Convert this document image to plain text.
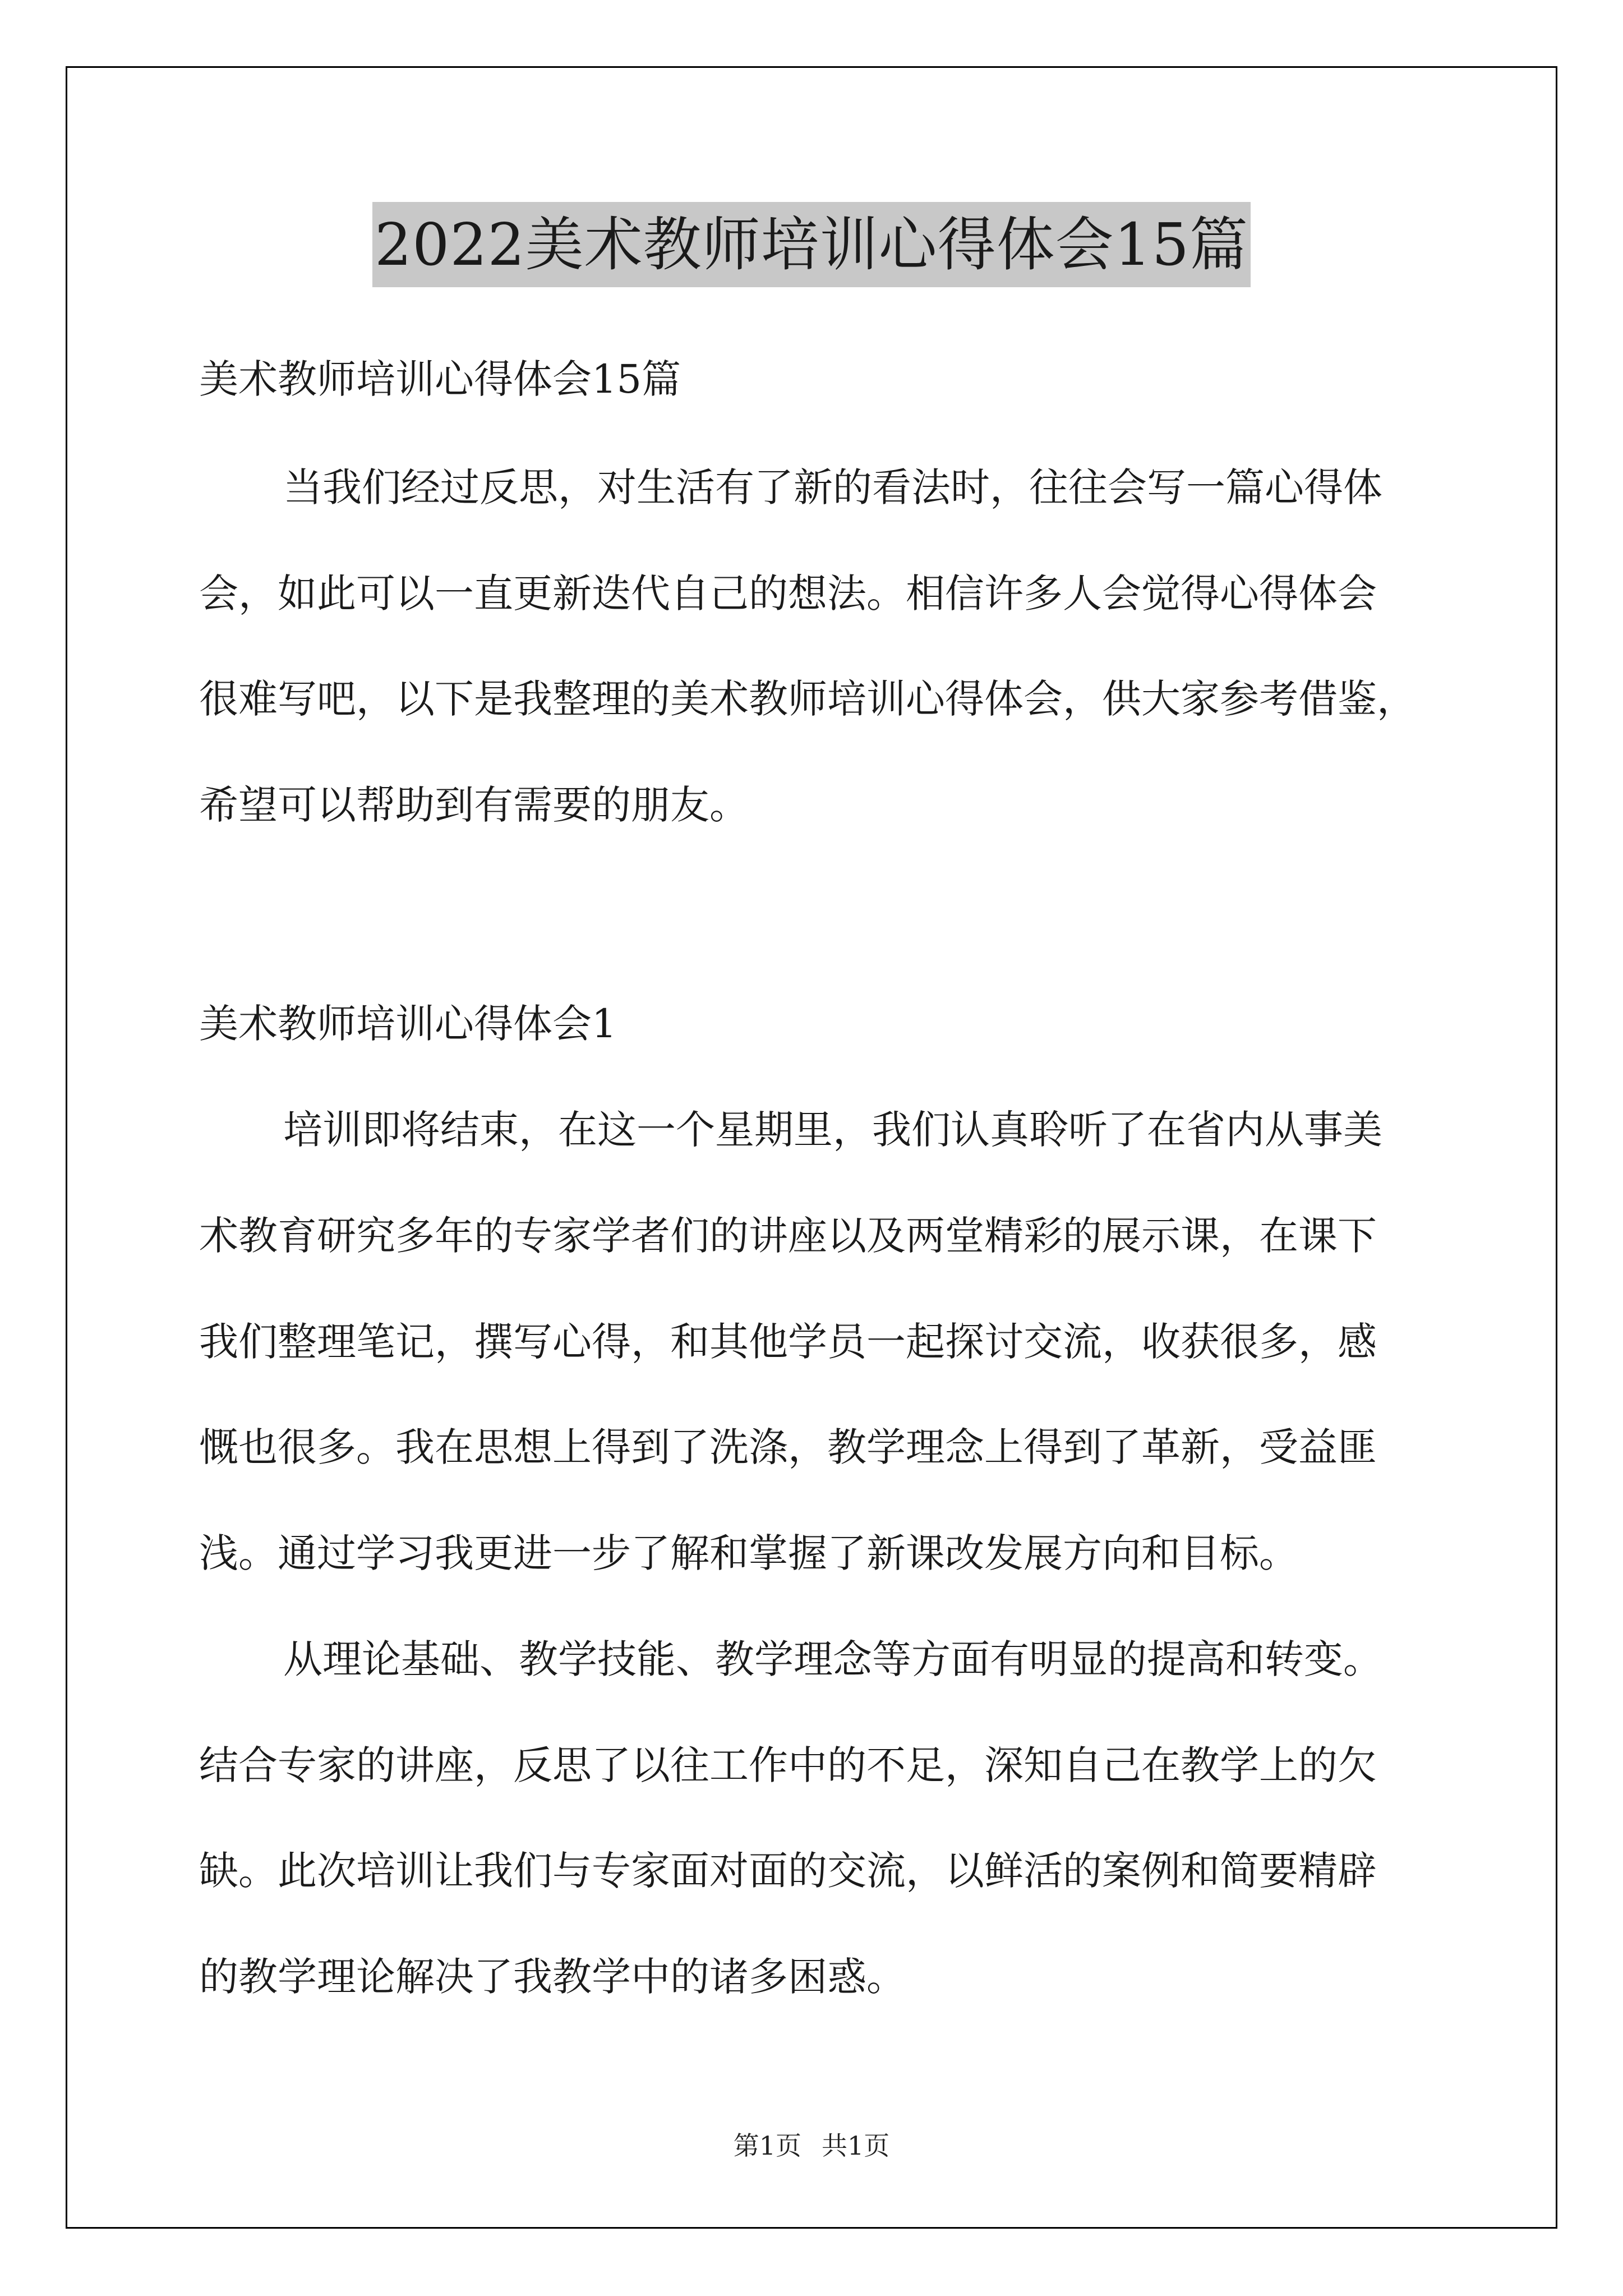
2022美术教师培训心得体会15篇
美术教师培训心得体会15篇
当我们经过反思，对生活有了新的看法时，往往会写一篇心得体
会，如此可以一直更新迭代自己的想法。相信许多人会觉得心得体会
很难写吧，以下是我整理的美术教师培训心得体会，供大家参考借鉴，
希望可以帮助到有需要的朋友。
美术教师培训心得体会1
培训即将结束，在这一个星期里，我们认真聆听了在省内从事美
术教育研究多年的专家学者们的讲座以及两堂精彩的展示课，在课下
我们整理笔记，撰写心得，和其他学员一起探讨交流，收获很多，感
慨也很多。我在思想上得到了洗涤，教学理念上得到了革新，受益匪
浅。通过学习我更进一步了解和掌握了新课改发展方向和目标。
从理论基础、教学技能、教学理念等方面有明显的提高和转变。
结合专家的讲座，反思了以往工作中的不足，深知自己在教学上的欠
缺。此次培训让我们与专家面对面的交流，以鲜活的案例和简要精辟
的教学理论解决了我教学中的诸多困惑。
第1页 共1页
